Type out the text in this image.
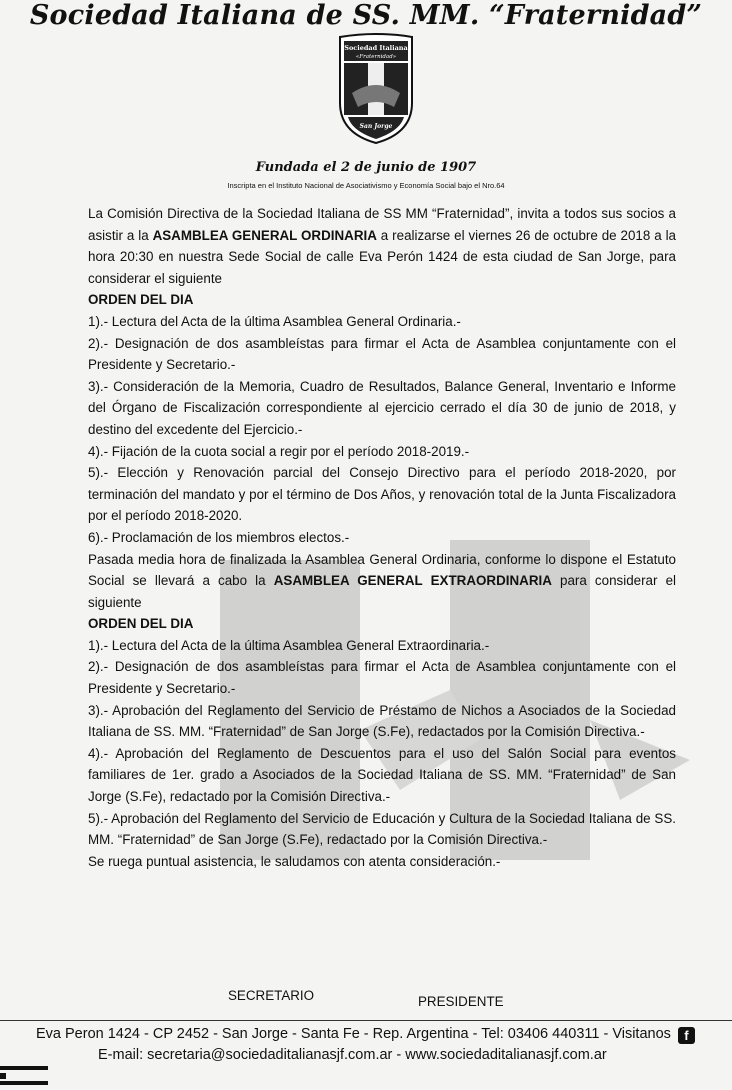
Sociedad Italiana de SS. MM. “Fraternidad”
Sociedad Italiana
«Fraternidad»
San Jorge
Fundada el 2 de junio de 1907
Inscripta en el Instituto Nacional de Asociativismo y Economía Social bajo el Nro.64

La Comisión Directiva de la Sociedad Italiana de SS MM “Fraternidad”, invita a todos sus socios a asistir a la ASAMBLEA GENERAL ORDINARIA a realizarse el viernes 26 de octubre de 2018 a la hora 20:30 en nuestra Sede Social de calle Eva Perón 1424 de esta ciudad de San Jorge, para considerar el siguiente

ORDEN DEL DIA

1).- Lectura del Acta de la última Asamblea General Ordinaria.-

2).- Designación de dos asambleístas para firmar el Acta de Asamblea conjuntamente con el Presidente y Secretario.-

3).- Consideración de la Memoria, Cuadro de Resultados, Balance General, Inventario e Informe del Órgano de Fiscalización correspondiente al ejercicio cerrado el día 30 de junio de 2018, y destino del excedente del Ejercicio.-

4).- Fijación de la cuota social a regir por el período 2018-2019.-

5).- Elección y Renovación parcial del Consejo Directivo para el período 2018-2020, por terminación del mandato y por el término de Dos Años, y renovación total de la Junta Fiscalizadora por el período 2018-2020.

6).- Proclamación de los miembros electos.-

Pasada media hora de finalizada la Asamblea General Ordinaria, conforme lo dispone el Estatuto Social se llevará a cabo la ASAMBLEA GENERAL EXTRAORDINARIA para considerar el siguiente

ORDEN DEL DIA

1).- Lectura del Acta de la última Asamblea General Extraordinaria.-

2).- Designación de dos asambleístas para firmar el Acta de Asamblea conjuntamente con el Presidente y Secretario.-

3).- Aprobación del Reglamento del Servicio de Préstamo de Nichos a Asociados de la Sociedad Italiana de SS. MM. “Fraternidad” de San Jorge (S.Fe), redactados por la Comisión Directiva.-

4).- Aprobación del Reglamento de Descuentos para el uso del Salón Social para eventos familiares de 1er. grado a Asociados de la Sociedad Italiana de SS. MM. “Fraternidad” de San Jorge (S.Fe), redactado por la Comisión Directiva.-

5).- Aprobación del Reglamento del Servicio de Educación y Cultura de la Sociedad Italiana de SS. MM. “Fraternidad” de San Jorge (S.Fe), redactado por la Comisión Directiva.-

Se ruega puntual asistencia, le saludamos con atenta consideración.-

SECRETARIO	PRESIDENTE
Eva Peron 1424 - CP 2452 - San Jorge - Santa Fe - Rep. Argentina - Tel: 03406 440311 - Visitanos f
E-mail: secretaria@sociedaditalianasjf.com.ar - www.sociedaditalianasjf.com.ar
